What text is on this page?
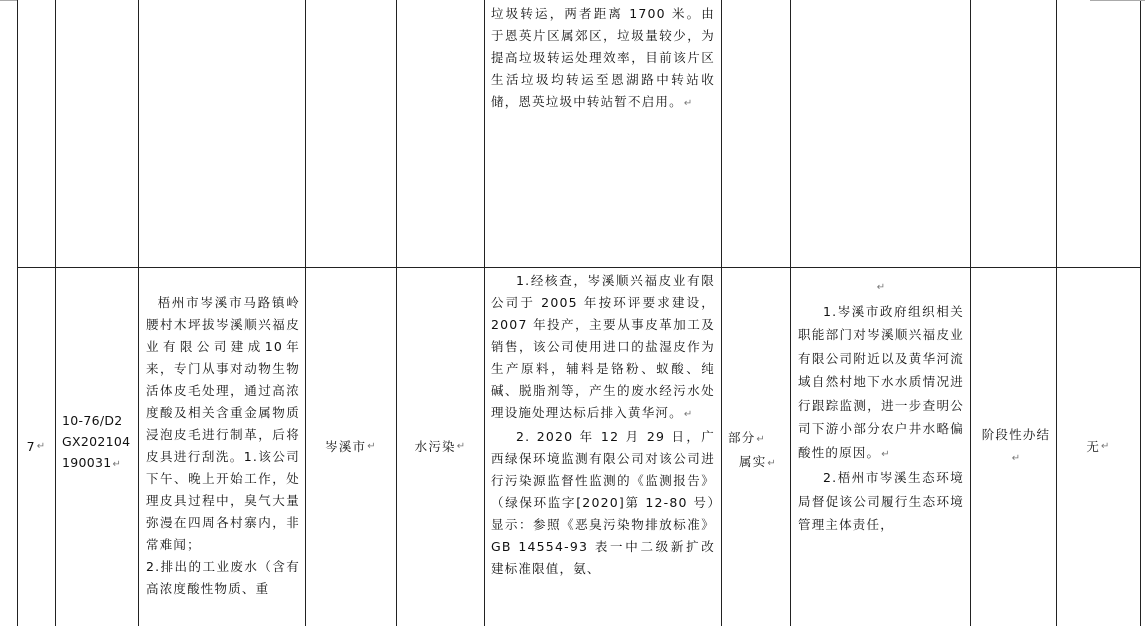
垃圾转运，两者距离 1700 米。由于恩英片区属郊区，垃圾量较少，为提高垃圾转运处理效率，目前该片区生活垃圾均转运至恩湖路中转站收储，恩英垃圾中转站暂不启用。↵
7 ↵
10-76/D2
GX202104
190031↵

梧州市岑溪市马路镇岭腰村木坪拔岑溪顺兴福皮业有限公司建成10年来，专门从事对动物生物活体皮毛处理，通过高浓度酸及相关含重金属物质浸泡皮毛进行制革，后将皮具进行刮洗。1.该公司下午、晚上开始工作，处理皮具过程中，臭气大量弥漫在四周各村寨内，非常难闻；
2.排出的工业废水（含有高浓度酸性物质、重

岑溪市 ↵	水污染 ↵
1.经核查，岑溪顺兴福皮业有限公司于 2005 年按环评要求建设，2007 年投产，主要从事皮革加工及销售，该公司使用进口的盐湿皮作为生产原料，辅料是铬粉、蚁酸、纯碱、脱脂剂等，产生的废水经污水处理设施处理达标后排入黄华河。↵
2. 2020 年 12 月 29 日，广西绿保环境监测有限公司对该公司进行污染源监督性监测的《监测报告》（绿保环监字[2020]第 12-80 号）显示：参照《恶臭污染物排放标准》GB 14554-93 表一中二级新扩改建标准限值，氨、
部分↵
属实↵
↵
1.岑溪市政府组织相关职能部门对岑溪顺兴福皮业有限公司附近以及黄华河流域自然村地下水水质情况进行跟踪监测，进一步查明公司下游小部分农户井水略偏酸性的原因。↵
2.梧州市岑溪生态环境局督促该公司履行生态环境管理主体责任，
阶段性办结↵
无 ↵
